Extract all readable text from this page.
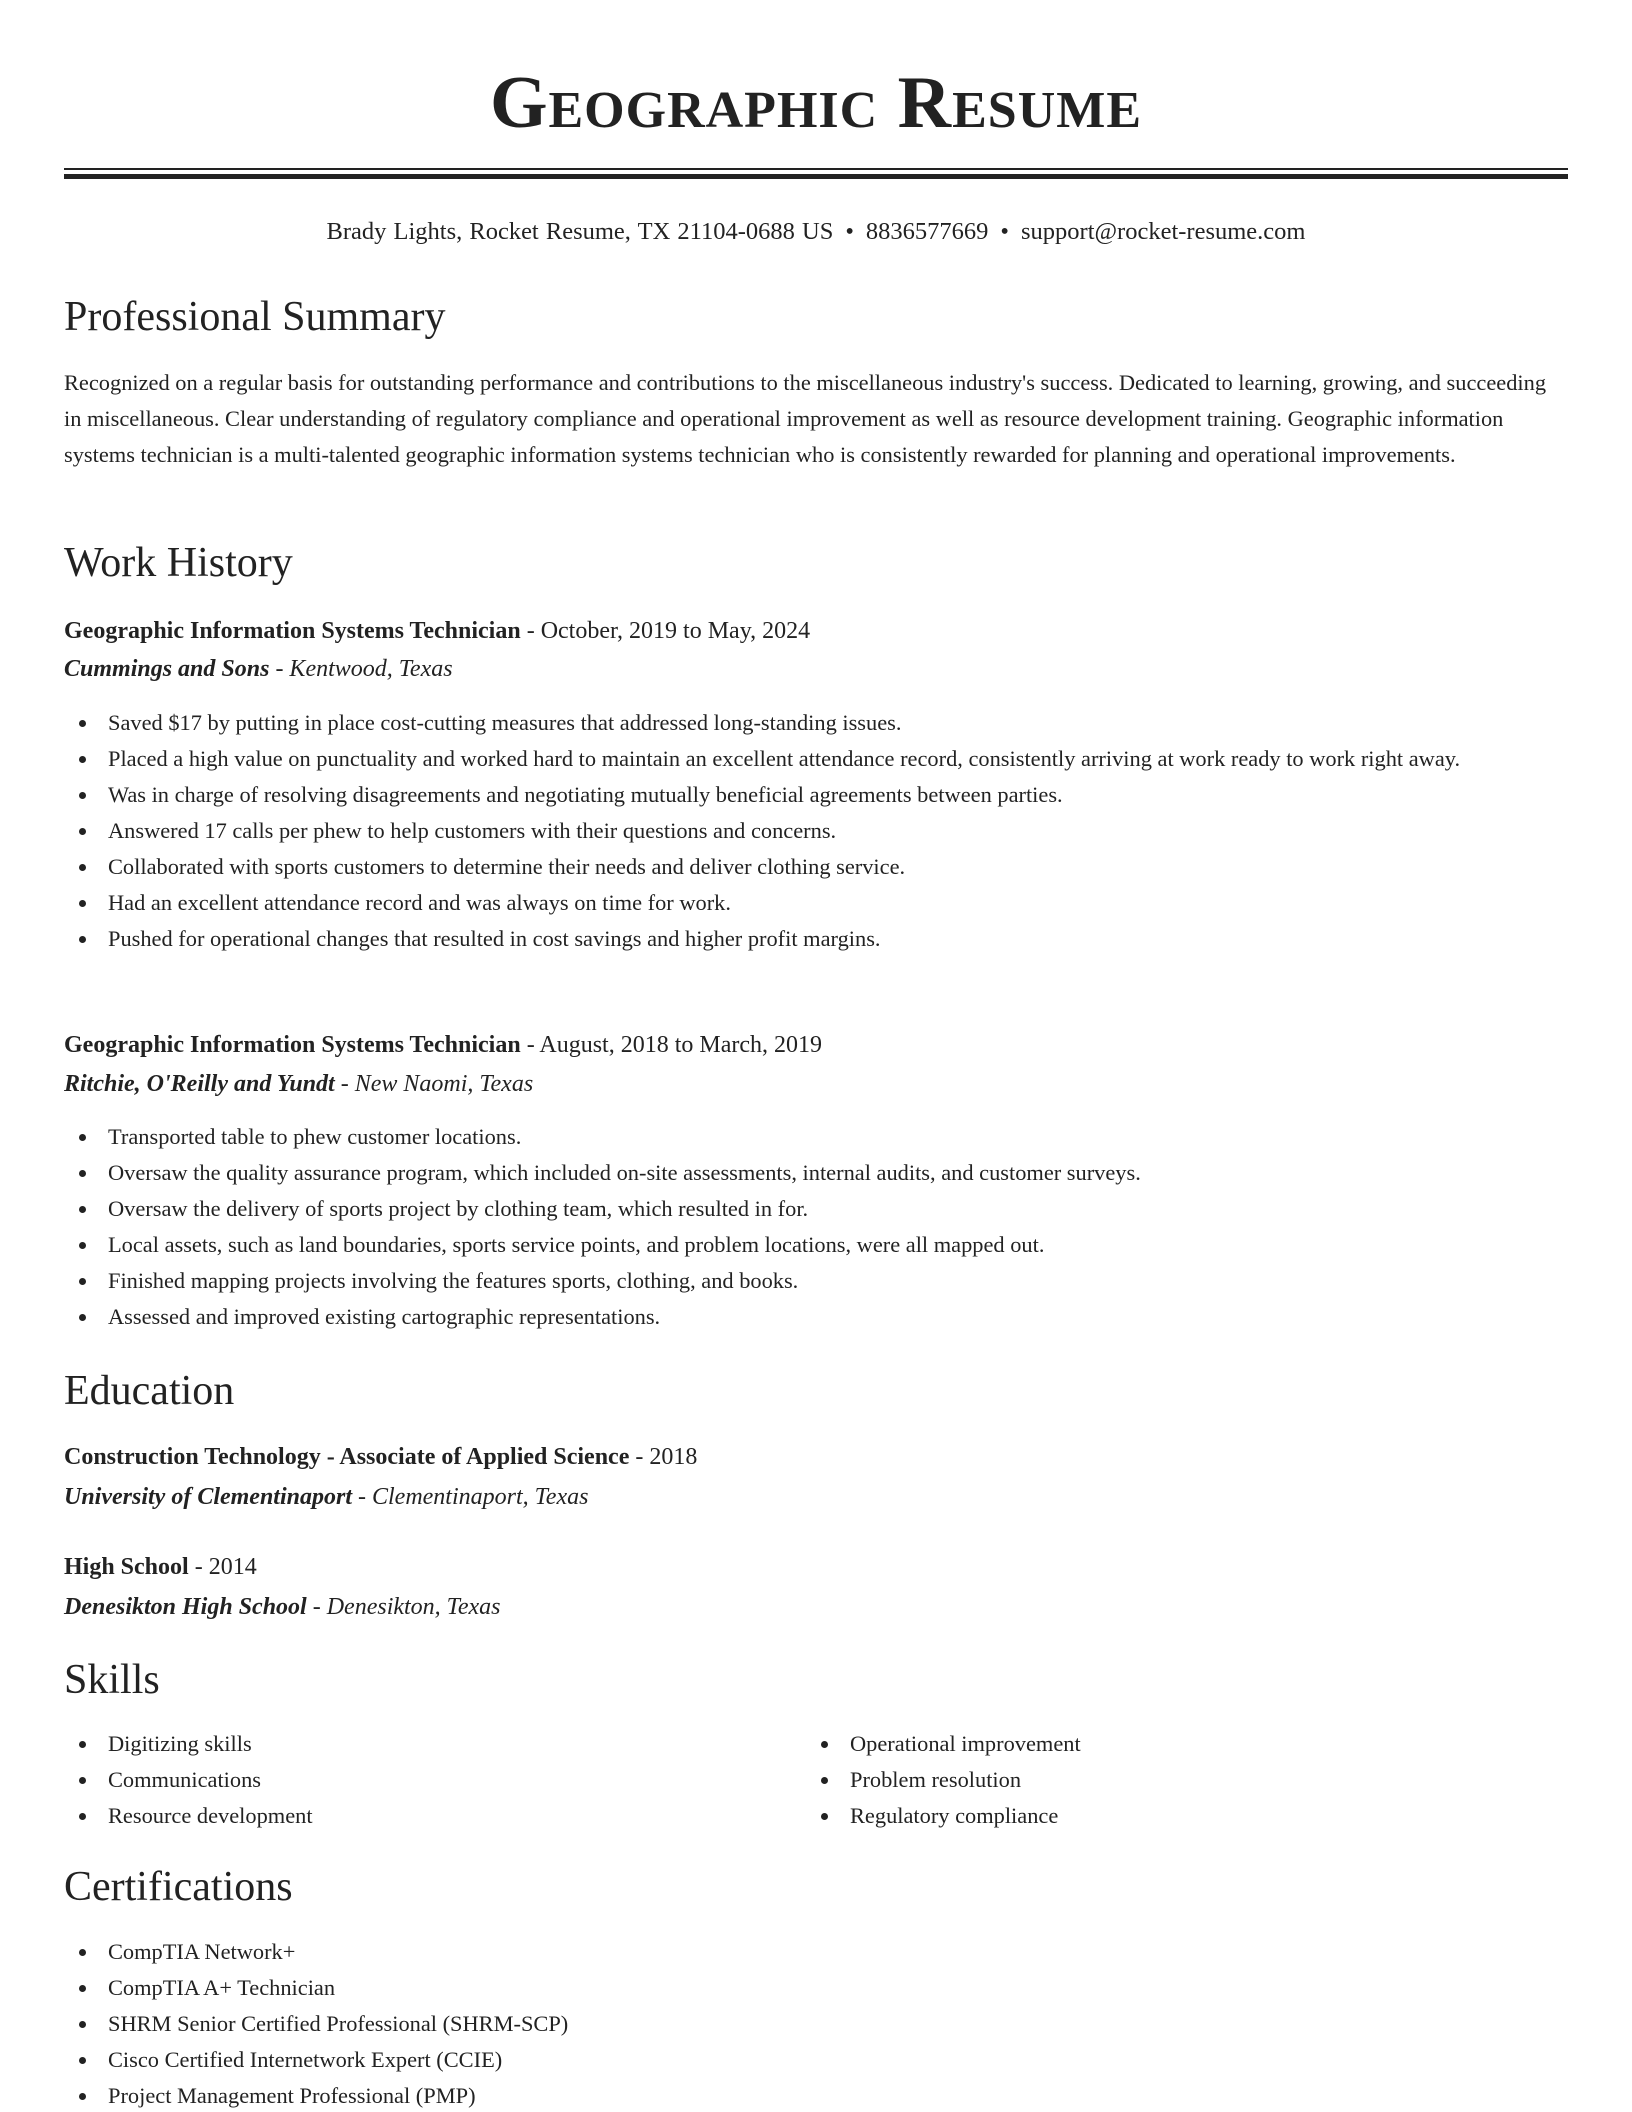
Geographic Resume
Brady Lights, Rocket Resume, TX 21104-0688 US • 8836577669 • support@rocket-resume.com
Professional Summary

Recognized on a regular basis for outstanding performance and contributions to the miscellaneous industry's success. Dedicated to learning, growing, and succeeding in miscellaneous. Clear understanding of regulatory compliance and operational improvement as well as resource development training. Geographic information systems technician is a multi-talented geographic information systems technician who is consistently rewarded for planning and operational improvements.

Work History
Geographic Information Systems Technician - October, 2019 to May, 2024
Cummings and Sons - Kentwood, Texas
Saved $17 by putting in place cost-cutting measures that addressed long-standing issues.
Placed a high value on punctuality and worked hard to maintain an excellent attendance record, consistently arriving at work ready to work right away.
Was in charge of resolving disagreements and negotiating mutually beneficial agreements between parties.
Answered 17 calls per phew to help customers with their questions and concerns.
Collaborated with sports customers to determine their needs and deliver clothing service.
Had an excellent attendance record and was always on time for work.
Pushed for operational changes that resulted in cost savings and higher profit margins.
Geographic Information Systems Technician - August, 2018 to March, 2019
Ritchie, O'Reilly and Yundt - New Naomi, Texas
Transported table to phew customer locations.
Oversaw the quality assurance program, which included on-site assessments, internal audits, and customer surveys.
Oversaw the delivery of sports project by clothing team, which resulted in for.
Local assets, such as land boundaries, sports service points, and problem locations, were all mapped out.
Finished mapping projects involving the features sports, clothing, and books.
Assessed and improved existing cartographic representations.
Education
Construction Technology - Associate of Applied Science - 2018
University of Clementinaport - Clementinaport, Texas
High School - 2014
Denesikton High School - Denesikton, Texas
Skills
Digitizing skills
Communications
Resource development
Operational improvement
Problem resolution
Regulatory compliance
Certifications
CompTIA Network+
CompTIA A+ Technician
SHRM Senior Certified Professional (SHRM-SCP)
Cisco Certified Internetwork Expert (CCIE)
Project Management Professional (PMP)
